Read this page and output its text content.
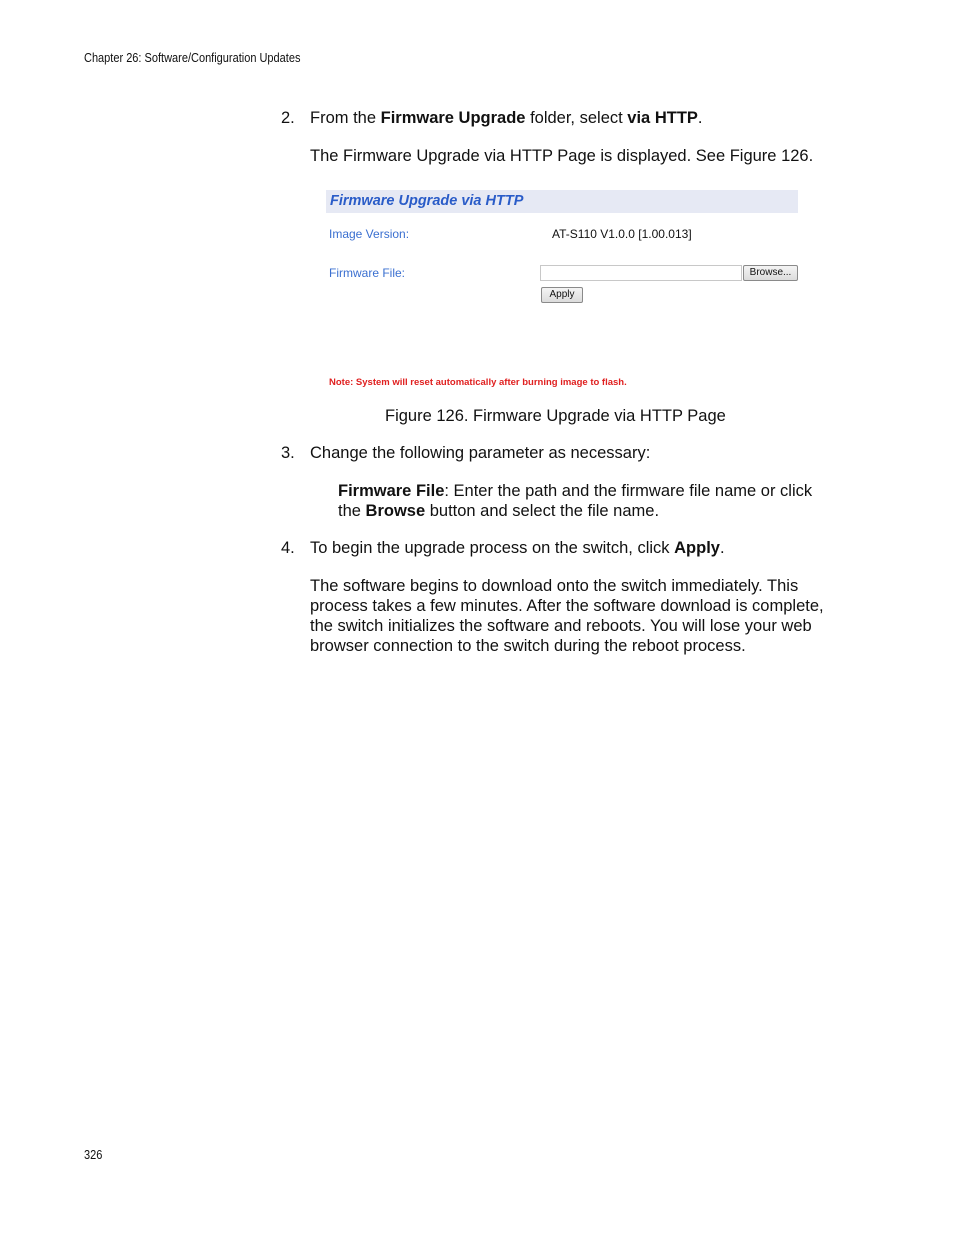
Chapter 26: Software/Configuration Updates
2. From the Firmware Upgrade folder, select via HTTP.
The Firmware Upgrade via HTTP Page is displayed. See Figure 126.
Firmware Upgrade via HTTP
Image Version:	AT-S110 V1.0.0 [1.00.013]
Firmware File:	Browse...
Apply
Note: System will reset automatically after burning image to flash.
Figure 126. Firmware Upgrade via HTTP Page
3. Change the following parameter as necessary:
Firmware File: Enter the path and the firmware file name or click the Browse button and select the file name.
4. To begin the upgrade process on the switch, click Apply.
The software begins to download onto the switch immediately. This process takes a few minutes. After the software download is complete, the switch initializes the software and reboots. You will lose your web browser connection to the switch during the reboot process.
326
